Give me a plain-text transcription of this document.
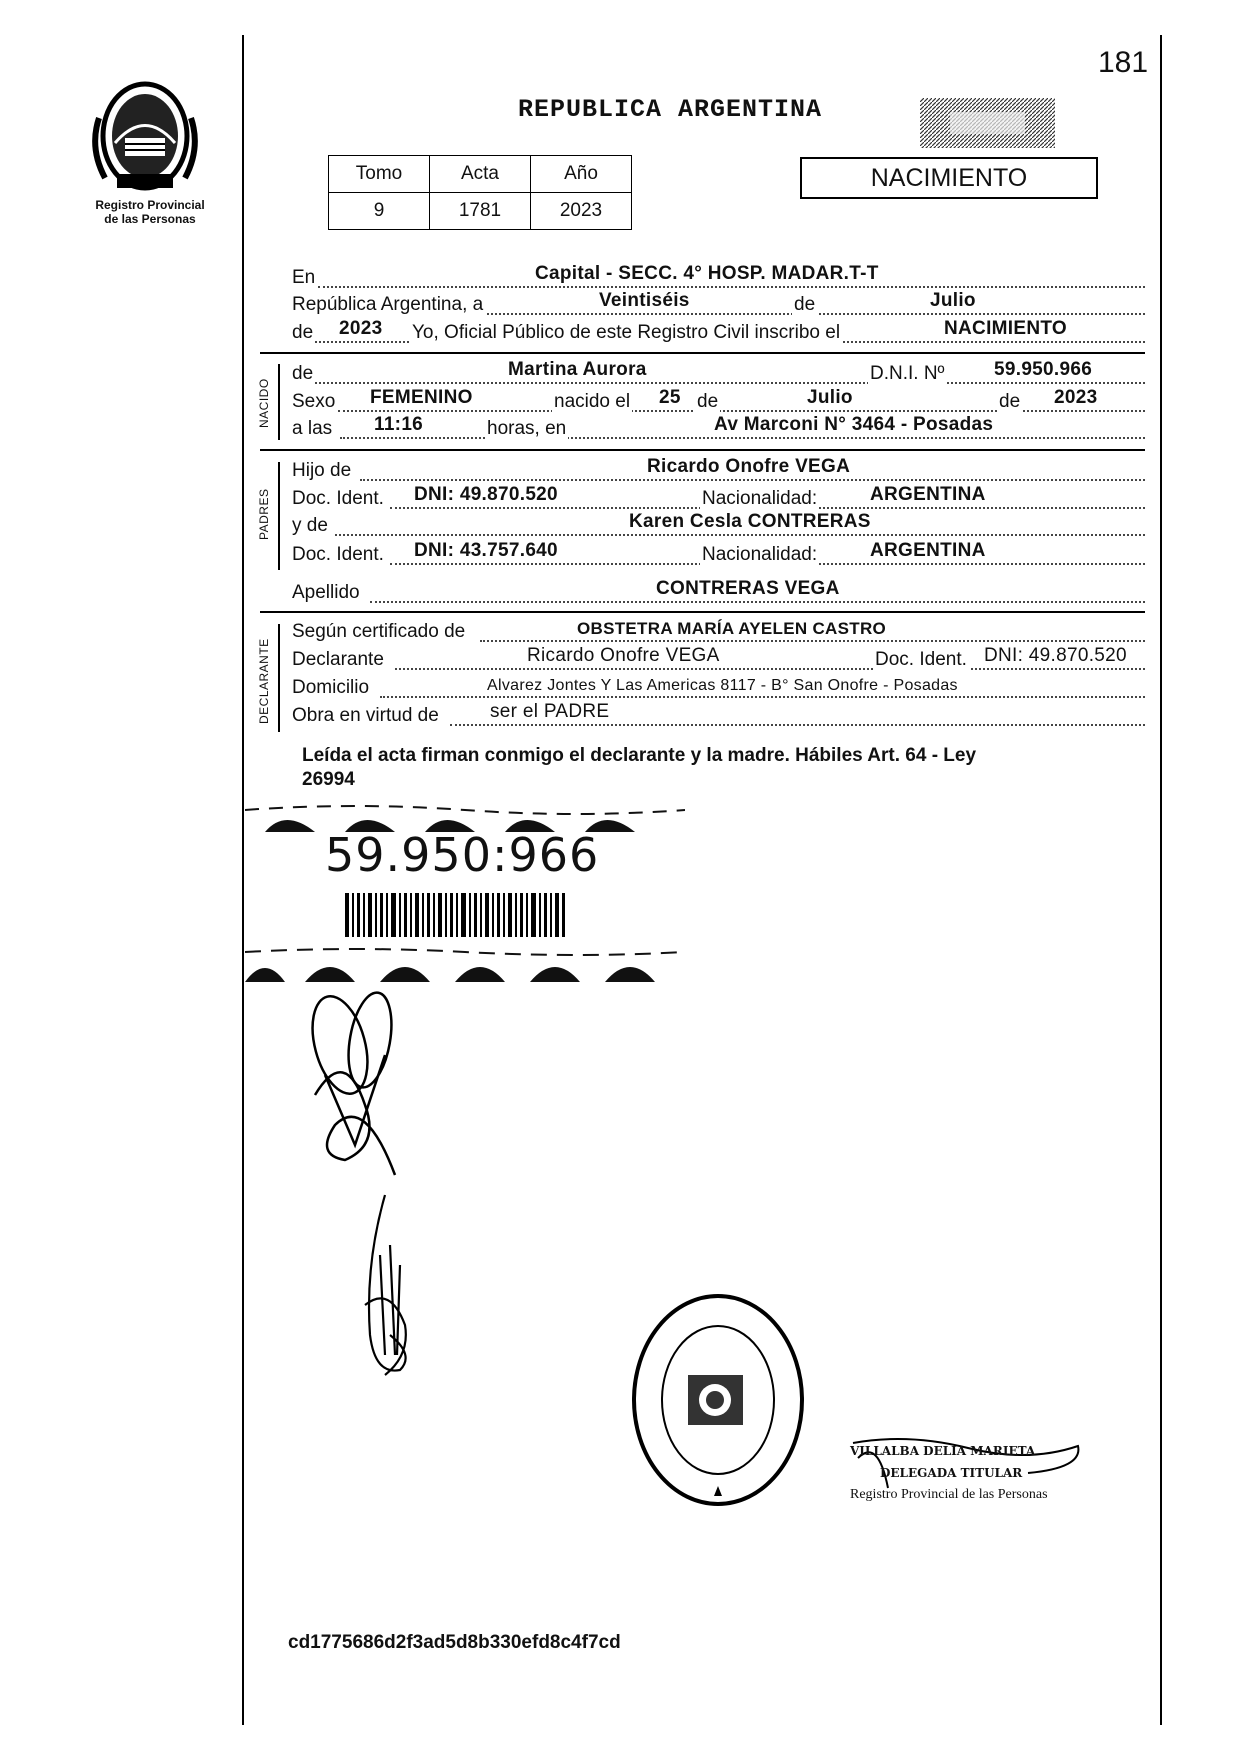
181
Registro Provincial
de las Personas
REPUBLICA ARGENTINA
Tomo	Acta	Año
9	1781	2023
NACIMIENTO
En	Capital - SECC. 4° HOSP. MADAR.T-T
República Argentina, a	Veintiséis	de	Julio
de 2023 Yo, Oficial Público de este Registro Civil inscribo el	NACIMIENTO
NACIDO
de	Martina Aurora	D.N.I. Nº	59.950.966
Sexo FEMENINO	nacido el 25 de	Julio	de 2023
a las 11:16	horas, en	Av Marconi N° 3464 - Posadas
PADRES
Hijo de	Ricardo Onofre VEGA
Doc. Ident. DNI: 49.870.520	Nacionalidad:	ARGENTINA
y de	Karen Cesla CONTRERAS
Doc. Ident. DNI: 43.757.640	Nacionalidad:	ARGENTINA
Apellido	CONTRERAS VEGA
DECLARANTE
Según certificado de	OBSTETRA MARÍA AYELEN CASTRO
Declarante	Ricardo Onofre VEGA	Doc. Ident. DNI: 49.870.520
Domicilio	Alvarez Jontes Y Las Americas 8117 - B° San Onofre - Posadas
Obra en virtud de	ser el PADRE
Leída el acta firman conmigo el declarante y la madre. Hábiles Art. 64 - Ley
26994
59.950:966
VILLALBA DELIA MARIETA
DELEGADA TITULAR
Registro Provincial de las Personas
cd1775686d2f3ad5d8b330efd8c4f7cd
